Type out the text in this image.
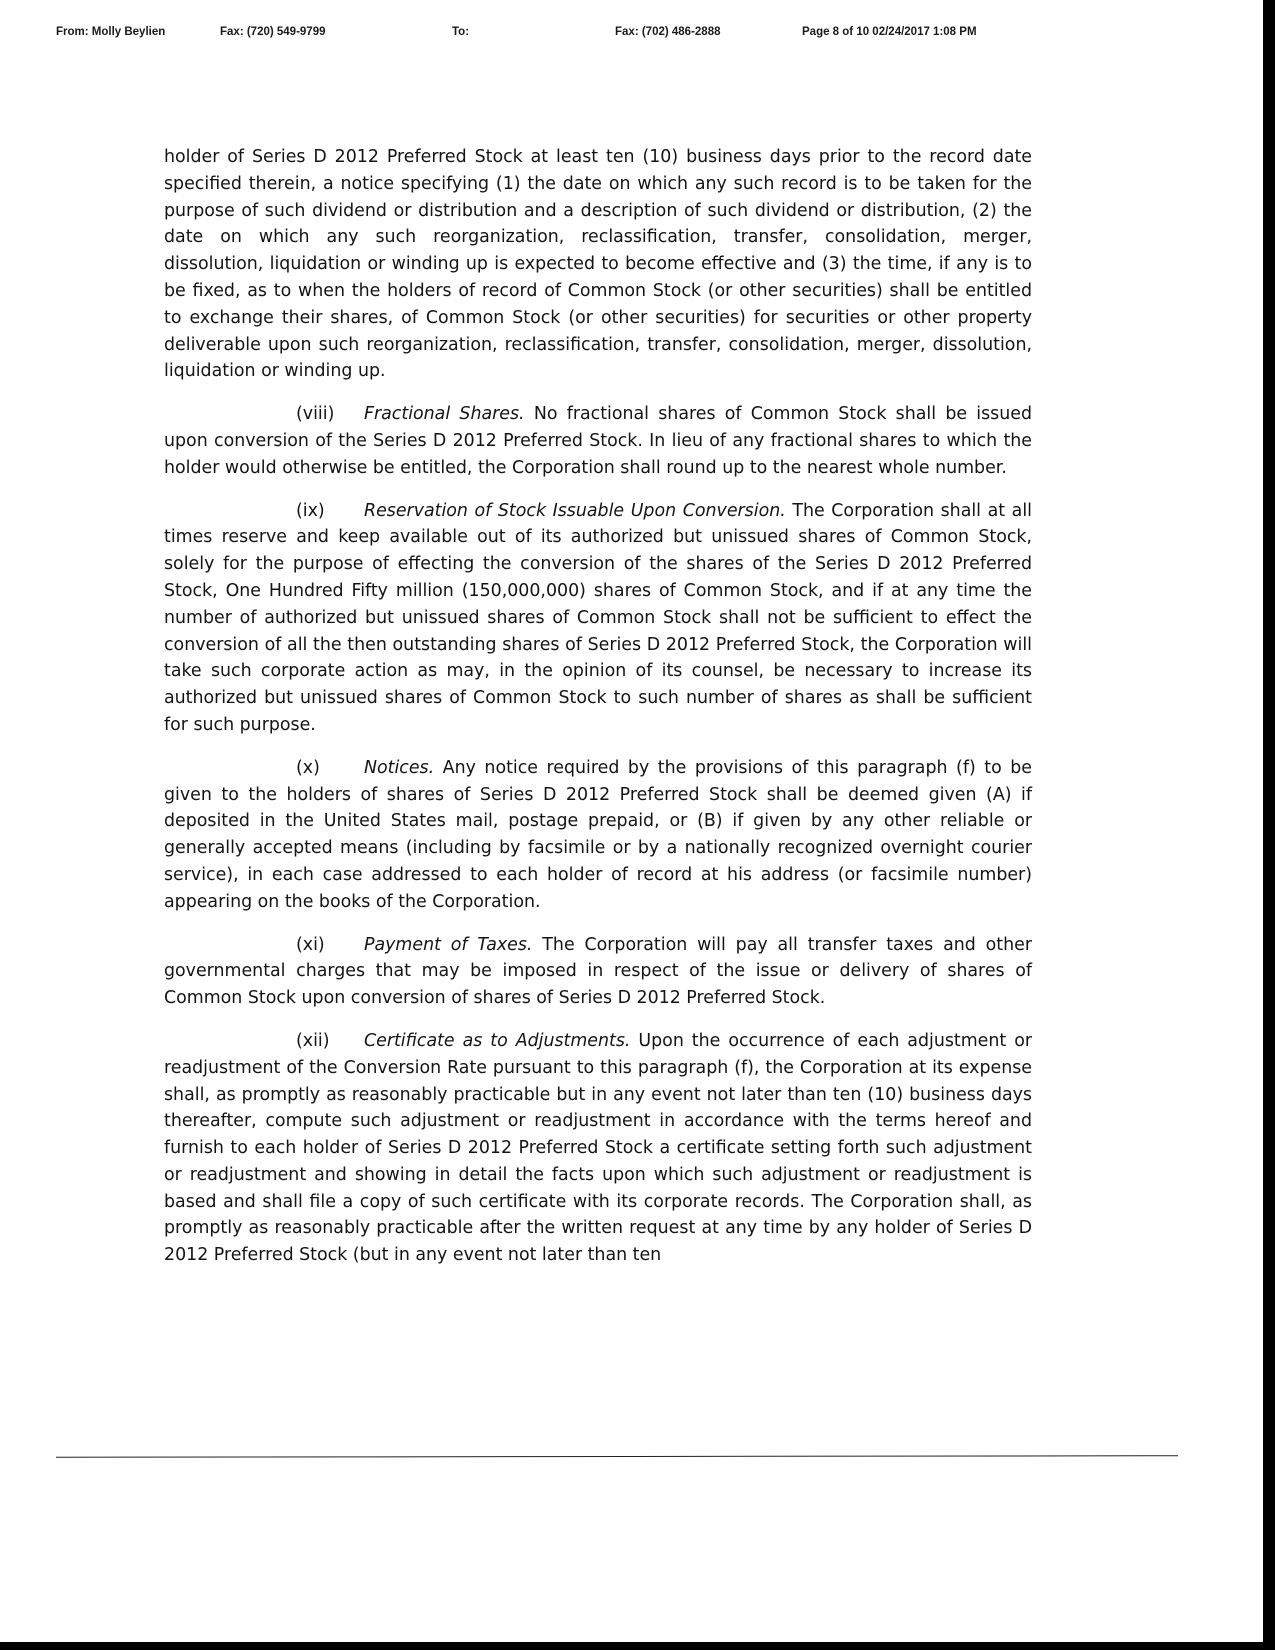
From: Molly Beylien	Fax: (720) 549-9799	To:	Fax: (702) 486-2888	Page 8 of 10 02/24/2017 1:08 PM

holder of Series D 2012 Preferred Stock at least ten (10) business days prior to the record date specified therein, a notice specifying (1) the date on which any such record is to be taken for the purpose of such dividend or distribution and a description of such dividend or distribution, (2) the date on which any such reorganization, reclassification, transfer, consolidation, merger, dissolution, liquidation or winding up is expected to become effective and (3) the time, if any is to be fixed, as to when the holders of record of Common Stock (or other securities) shall be entitled to exchange their shares, of Common Stock (or other securities) for securities or other property deliverable upon such reorganization, reclassification, transfer, consolidation, merger, dissolution, liquidation or winding up.

(viii) Fractional Shares. No fractional shares of Common Stock shall be issued upon conversion of the Series D 2012 Preferred Stock. In lieu of any fractional shares to which the holder would otherwise be entitled, the Corporation shall round up to the nearest whole number.

(ix) Reservation of Stock Issuable Upon Conversion. The Corporation shall at all times reserve and keep available out of its authorized but unissued shares of Common Stock, solely for the purpose of effecting the conversion of the shares of the Series D 2012 Preferred Stock, One Hundred Fifty million (150,000,000) shares of Common Stock, and if at any time the number of authorized but unissued shares of Common Stock shall not be sufficient to effect the conversion of all the then outstanding shares of Series D 2012 Preferred Stock, the Corporation will take such corporate action as may, in the opinion of its counsel, be necessary to increase its authorized but unissued shares of Common Stock to such number of shares as shall be sufficient for such purpose.

(x)	Notices. Any notice required by the provisions of this paragraph (f) to be given to the holders of shares of Series D 2012 Preferred Stock shall be deemed given (A) if deposited in the United States mail, postage prepaid, or (B) if given by any other reliable or generally accepted means (including by facsimile or by a nationally recognized overnight courier service), in each case addressed to each holder of record at his address (or facsimile number) appearing on the books of the Corporation.

(xi) Payment of Taxes. The Corporation will pay all transfer taxes and other governmental charges that may be imposed in respect of the issue or delivery of shares of Common Stock upon conversion of shares of Series D 2012 Preferred Stock.

(xii) Certificate as to Adjustments. Upon the occurrence of each adjustment or readjustment of the Conversion Rate pursuant to this paragraph (f), the Corporation at its expense shall, as promptly as reasonably practicable but in any event not later than ten (10) business days thereafter, compute such adjustment or readjustment in accordance with the terms hereof and furnish to each holder of Series D 2012 Preferred Stock a certificate setting forth such adjustment or readjustment and showing in detail the facts upon which such adjustment or readjustment is based and shall file a copy of such certificate with its corporate records. The Corporation shall, as promptly as reasonably practicable after the written request at any time by any holder of Series D 2012 Preferred Stock (but in any event not later than ten
